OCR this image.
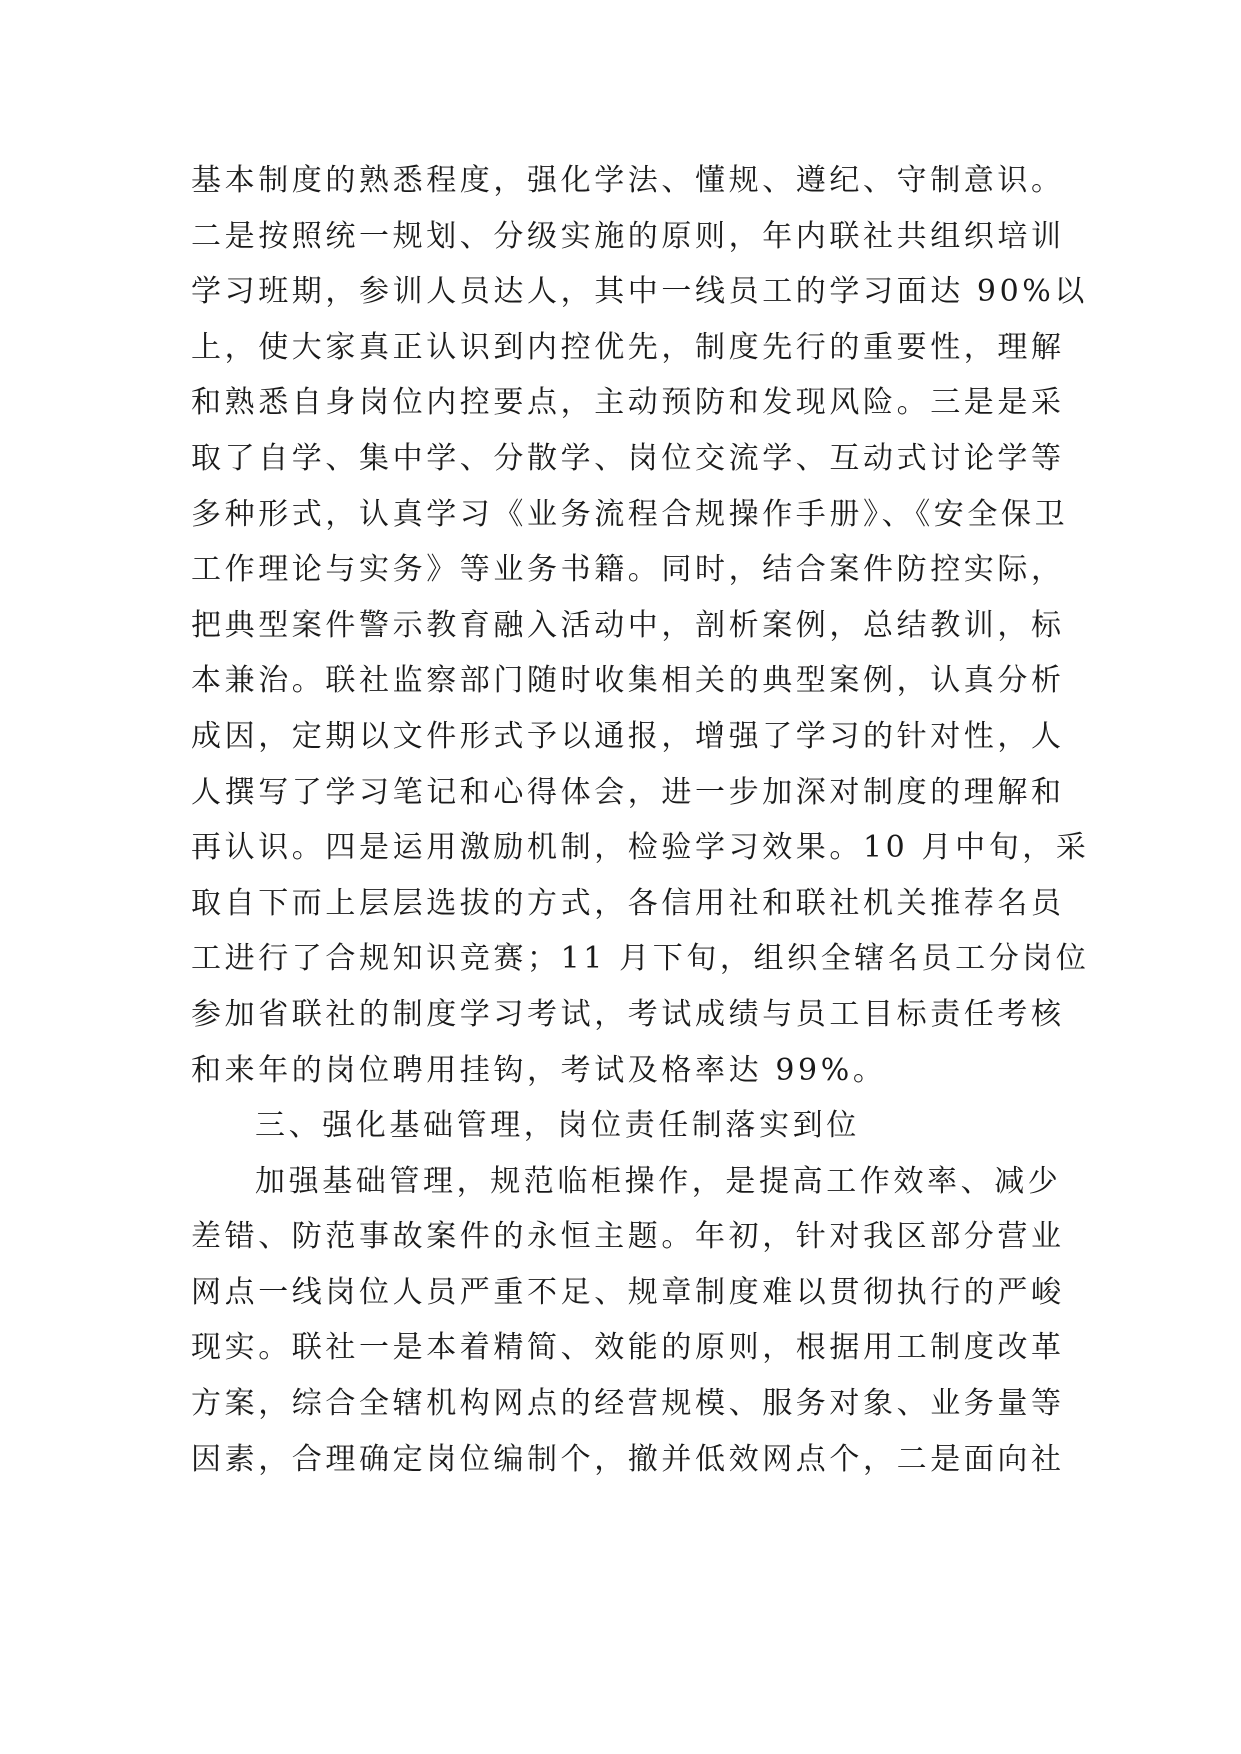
基本制度的熟悉程度，强化学法、懂规、遵纪、守制意识。
二是按照统一规划、分级实施的原则，年内联社共组织培训
学习班期，参训人员达人，其中一线员工的学习面达 90%以
上，使大家真正认识到内控优先，制度先行的重要性，理解
和熟悉自身岗位内控要点，主动预防和发现风险。三是是采
取了自学、集中学、分散学、岗位交流学、互动式讨论学等
多种形式，认真学习《业务流程合规操作手册》、《安全保卫
工作理论与实务》等业务书籍。同时，结合案件防控实际，
把典型案件警示教育融入活动中，剖析案例，总结教训，标
本兼治。联社监察部门随时收集相关的典型案例，认真分析
成因，定期以文件形式予以通报，增强了学习的针对性，人
人撰写了学习笔记和心得体会，进一步加深对制度的理解和
再认识。四是运用激励机制，检验学习效果。10 月中旬，采
取自下而上层层选拔的方式，各信用社和联社机关推荐名员
工进行了合规知识竞赛；11 月下旬，组织全辖名员工分岗位
参加省联社的制度学习考试，考试成绩与员工目标责任考核
和来年的岗位聘用挂钩，考试及格率达 99%。
三、强化基础管理，岗位责任制落实到位
加强基础管理，规范临柜操作，是提高工作效率、减少
差错、防范事故案件的永恒主题。年初，针对我区部分营业
网点一线岗位人员严重不足、规章制度难以贯彻执行的严峻
现实。联社一是本着精简、效能的原则，根据用工制度改革
方案，综合全辖机构网点的经营规模、服务对象、业务量等
因素，合理确定岗位编制个，撤并低效网点个，二是面向社
